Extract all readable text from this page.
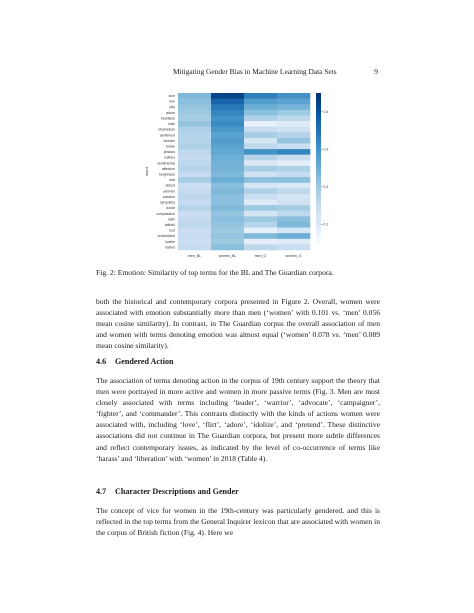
Mitigating Gender Bias in Machine Learning Data Sets	9
love
feel
pity
adore
heartless
hate
shameless
sentiment
wonder
brave
jealous
callous
sentimental
affection
toughness
real
detest
admirer
passion
sympathy
doubt
compassion
faith
faithful
lust
understand
loathe
hatred
men_BL	women_BL	men_G	women_G
word
0.1
0.2
0.3
0.4
Fig. 2: Emotion: Similarity of top terms for the BL and The Guardian corpora.

both the historical and contemporary corpora presented in Figure 2. Overall, women were associated with emotion substantially more than men (‘women’ with 0.101 vs. ‘men’ 0.056 mean cosine similarity). In contrast, in The Guardian corpus the overall association of men and women with terms denoting emotion was almost equal (‘women’ 0.078 vs. ‘men’ 0.089 mean cosine similarity).

4.6 Gendered Action

The association of terms denoting action in the corpus of 19th century support the theory that men were portrayed in more active and women in more passive terms (Fig. 3. Men are most closely associated with terms including ‘leader’, ‘warrior’, ‘advocate’, ‘campaigner’, ‘fighter’, and ‘commander’. This contrasts distinctly with the kinds of actions women were associated with, including ‘love’, ‘flirt’, ‘adore’, ‘idolize’, and ‘pretend’. These distinctive associations did not continue in The Guardian corpora, but present more subtle differences and reflect contemporary issues, as indicated by the level of co-occurrence of terms like ‘harass’ and ‘liberation’ with ‘women’ in 2018 (Table 4).

4.7 Character Descriptions and Gender

The concept of vice for women in the 19th-century was particularly gendered, and this is reflected in the top terms from the General Inquirer lexicon that are associated with women in the corpus of British fiction (Fig. 4). Here we
